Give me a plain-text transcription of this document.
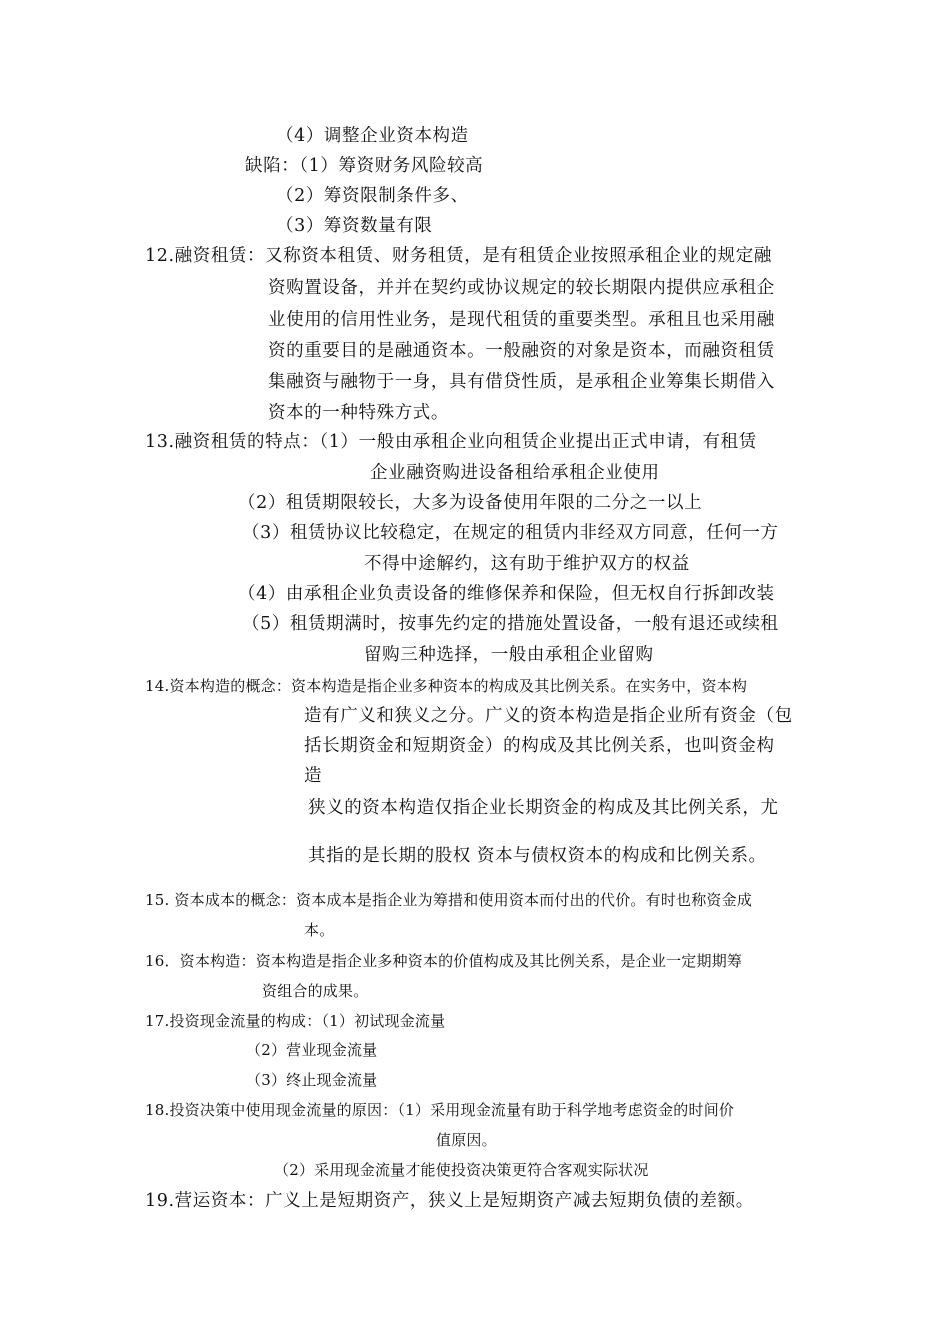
（4）调整企业资本构造
缺陷：（1）筹资财务风险较高
（2）筹资限制条件多、
（3）筹资数量有限
12.融资租赁：又称资本租赁、财务租赁，是有租赁企业按照承租企业的规定融
资购置设备，并并在契约或协议规定的较长期限内提供应承租企
业使用的信用性业务，是现代租赁的重要类型。承租且也采用融
资的重要目的是融通资本。一般融资的对象是资本，而融资租赁
集融资与融物于一身，具有借贷性质，是承租企业筹集长期借入
资本的一种特殊方式。
13.融资租赁的特点：（1）一般由承租企业向租赁企业提出正式申请，有租赁
企业融资购进设备租给承租企业使用
（2）租赁期限较长，大多为设备使用年限的二分之一以上
（3）租赁协议比较稳定，在规定的租赁内非经双方同意，任何一方
不得中途解约，这有助于维护双方的权益
（4）由承租企业负责设备的维修保养和保险，但无权自行拆卸改装
（5）租赁期满时，按事先约定的措施处置设备，一般有退还或续租
留购三种选择，一般由承租企业留购
14.资本构造的概念：资本构造是指企业多种资本的构成及其比例关系。在实务中，资本构
造有广义和狭义之分。广义的资本构造是指企业所有资金（包
括长期资金和短期资金）的构成及其比例关系，也叫资金构
造
狭义的资本构造仅指企业长期资金的构成及其比例关系，尤
其指的是长期的股权 资本与债权资本的构成和比例关系。
15. 资本成本的概念：资本成本是指企业为筹措和使用资本而付出的代价。有时也称资金成
本。
16．资本构造：资本构造是指企业多种资本的价值构成及其比例关系，是企业一定期期筹
资组合的成果。
17.投资现金流量的构成：（1）初试现金流量
（2）营业现金流量
（3）终止现金流量
18.投资决策中使用现金流量的原因：（1）采用现金流量有助于科学地考虑资金的时间价
值原因。
（2）采用现金流量才能使投资决策更符合客观实际状况
19.营运资本：广义上是短期资产，狭义上是短期资产减去短期负债的差额。
